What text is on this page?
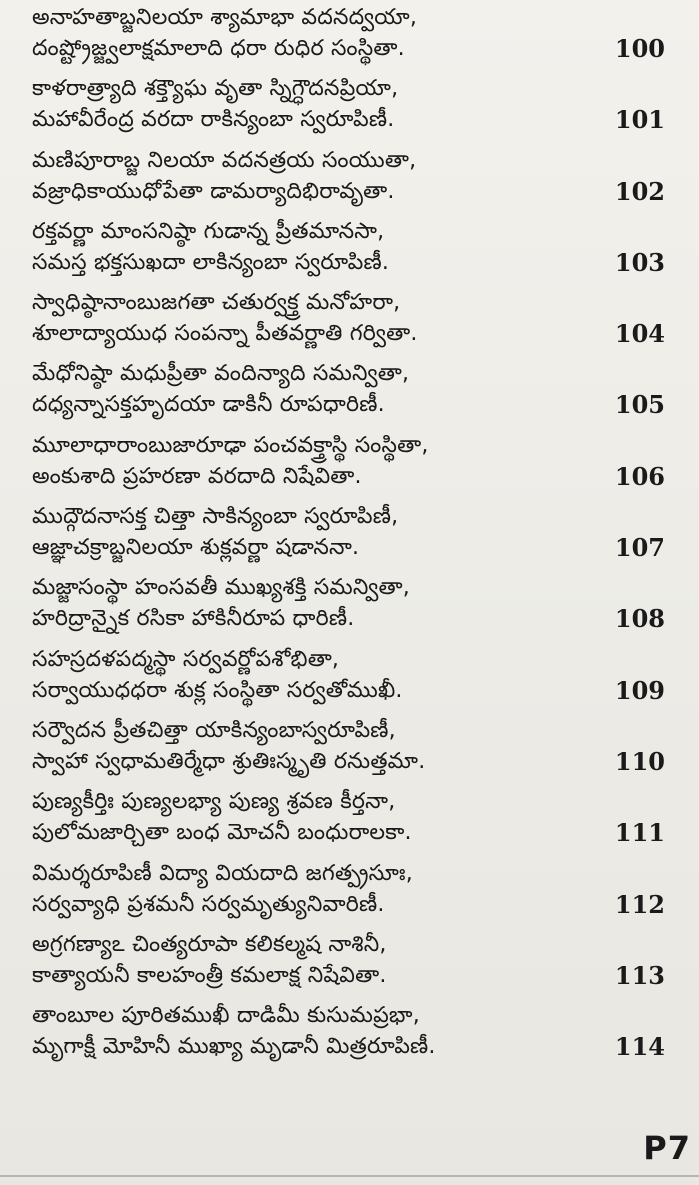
అనాహతాబ్జనిలయా శ్యామాభా వదనద్వయా,
దంష్ట్రోజ్జ్వలాక్షమాలాది ధరా రుధిర సంస్థితా.	100
కాళరాత్ర్యాది శక్త్యౌఘ వృతా స్నిగ్ధౌదనప్రియా,
మహావీరేంద్ర వరదా రాకిన్యంబా స్వరూపిణీ.	101
మణిపూరాబ్జ నిలయా వదనత్రయ సంయుతా,
వజ్రాధికాయుధోపేతా డామర్యాదిభిరావృతా.	102
రక్తవర్ణా మాంసనిష్ఠా గుడాన్న ప్రీతమానసా,
సమస్త భక్తసుఖదా లాకిన్యంబా స్వరూపిణీ.	103
స్వాధిష్ఠానాంబుజగతా చతుర్వక్త్ర మనోహరా,
శూలాద్యాయుధ సంపన్నా పీతవర్ణాతి గర్వితా.	104
మేధోనిష్ఠా మధుప్రీతా వందిన్యాది సమన్వితా,
దధ్యన్నాసక్తహృదయా డాకినీ రూపధారిణీ.	105
మూలాధారాంబుజారూఢా పంచవక్త్రాస్థి సంస్థితా,
అంకుశాది ప్రహరణా వరదాది నిషేవితా.	106
ముద్గౌదనాసక్త చిత్తా సాకిన్యంబా స్వరూపిణీ,
ఆజ్ఞాచక్రాబ్జనిలయా శుక్లవర్ణా షడాననా.	107
మజ్జాసంస్థా హంసవతీ ముఖ్యశక్తి సమన్వితా,
హరిద్రాన్నైక రసికా హాకినీరూప ధారిణీ.	108
సహస్రదళపద్మస్థా సర్వవర్ణోపశోభితా,
సర్వాయుధధరా శుక్ల సంస్థితా సర్వతోముఖీ.	109
సర్వౌదన ప్రీతచిత్తా యాకిన్యంబాస్వరూపిణీ,
స్వాహా స్వధామతిర్మేధా శ్రుతిఃస్మృతి రనుత్తమా.	110
పుణ్యకీర్తిః పుణ్యలభ్యా పుణ్య శ్రవణ కీర్తనా,
పులోమజార్చితా బంధ మోచనీ బంధురాలకా.	111
విమర్శరూపిణీ విద్యా వియదాది జగత్ప్రసూః,
సర్వవ్యాధి ప్రశమనీ సర్వమృత్యునివారిణీ.	112
అగ్రగణ్యాఽ చింత్యరూపా కలికల్మష నాశినీ,
కాత్యాయనీ కాలహంత్రీ కమలాక్ష నిషేవితా.	113
తాంబూల పూరితముఖీ దాడిమీ కుసుమప్రభా,
మృగాక్షీ మోహినీ ముఖ్యా మృడానీ మిత్రరూపిణీ.	114
P7
